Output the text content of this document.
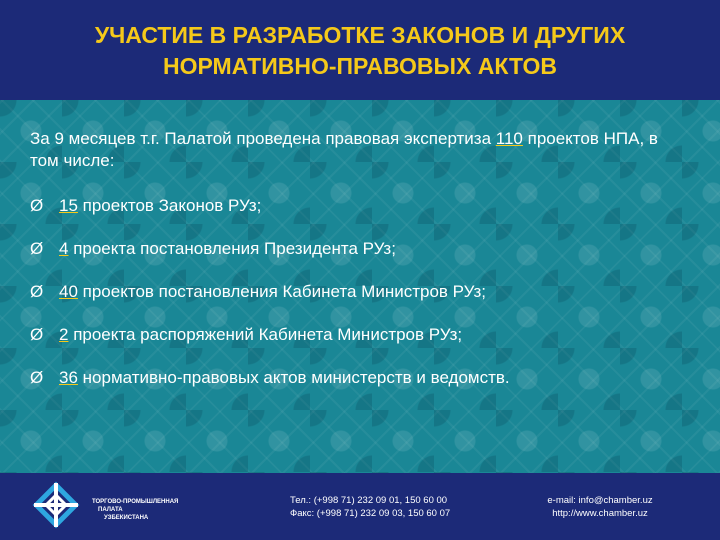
УЧАСТИЕ В РАЗРАБОТКЕ ЗАКОНОВ И ДРУГИХ
НОРМАТИВНО-ПРАВОВЫХ АКТОВ
За 9 месяцев т.г. Палатой проведена правовая экспертиза 110 проектов НПА, в том числе:
Ø 15 проектов Законов РУз;
Ø 4 проекта постановления Президента РУз;
Ø 40 проектов постановления Кабинета Министров РУз;
Ø 2 проекта распоряжений Кабинета Министров РУз;
Ø 36 нормативно-правовых актов министерств и ведомств.
ТОРГОВО-ПРОМЫШЛЕННАЯ
ПАЛАТА
УЗБЕКИСТАНА
Тел.: (+998 71) 232 09 01, 150 60 00
Факс: (+998 71) 232 09 03, 150 60 07
e-mail: info@chamber.uz
http://www.chamber.uz
